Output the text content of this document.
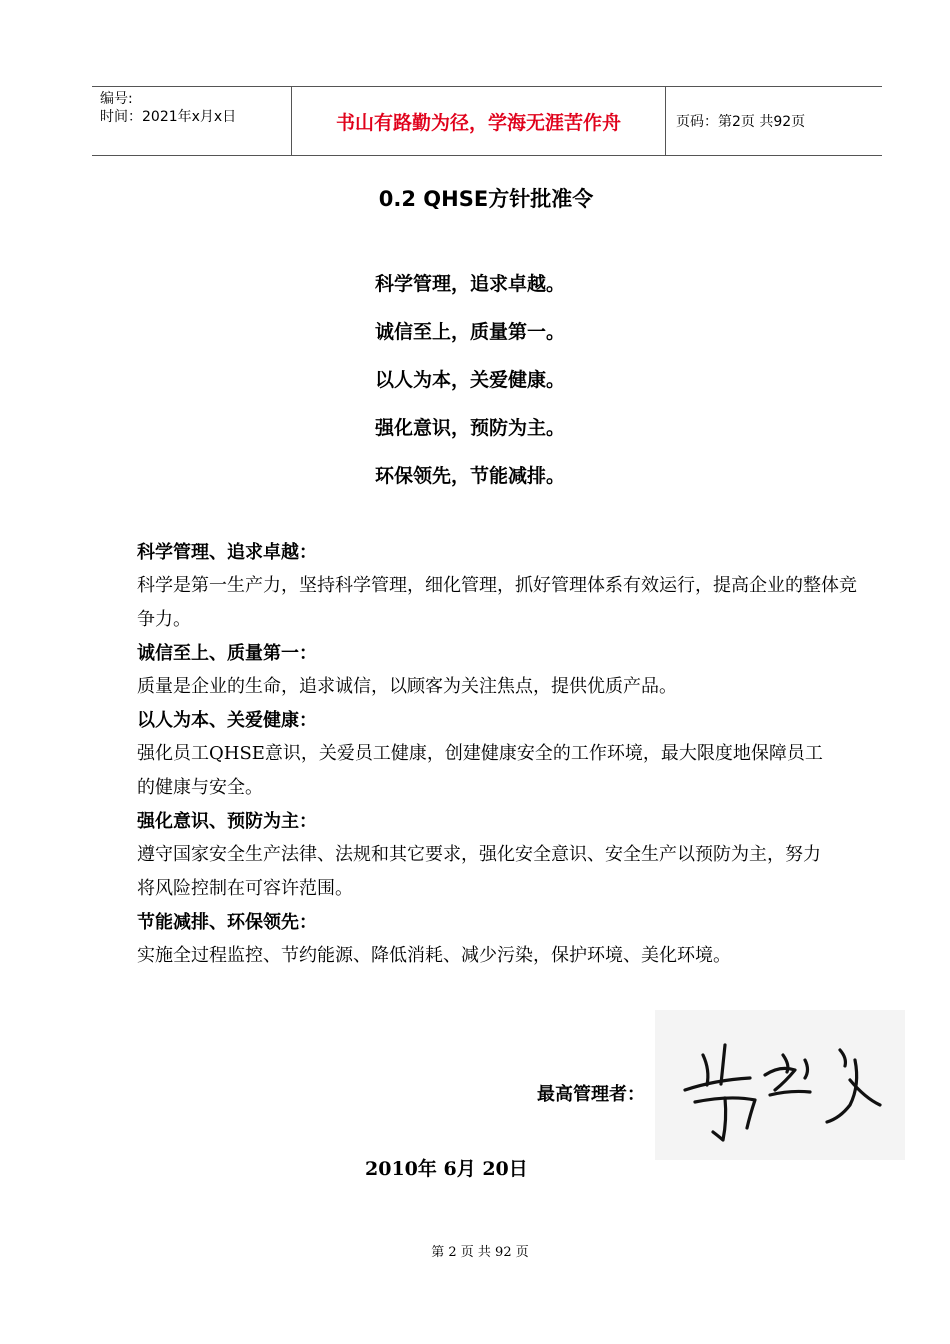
编号:
时间：2021年x月x日	书山有路勤为径，学海无涯苦作舟	页码：第2页 共92页
0.2 QHSE方针批准令
科学管理，追求卓越。
诚信至上，质量第一。
以人为本，关爱健康。
强化意识，预防为主。
环保领先，节能减排。
科学管理、追求卓越：
科学是第一生产力，坚持科学管理，细化管理，抓好管理体系有效运行，提高企业的整体竞争力。
诚信至上、质量第一：
质量是企业的生命，追求诚信，以顾客为关注焦点，提供优质产品。
以人为本、关爱健康：
强化员工QHSE意识，关爱员工健康，创建健康安全的工作环境，最大限度地保障员工的健康与安全。
强化意识、预防为主：
遵守国家安全生产法律、法规和其它要求，强化安全意识、安全生产以预防为主，努力将风险控制在可容许范围。
节能减排、环保领先：
实施全过程监控、节约能源、降低消耗、减少污染，保护环境、美化环境。
最高管理者：
2010年 6月 20日
第 2 页 共 92 页
